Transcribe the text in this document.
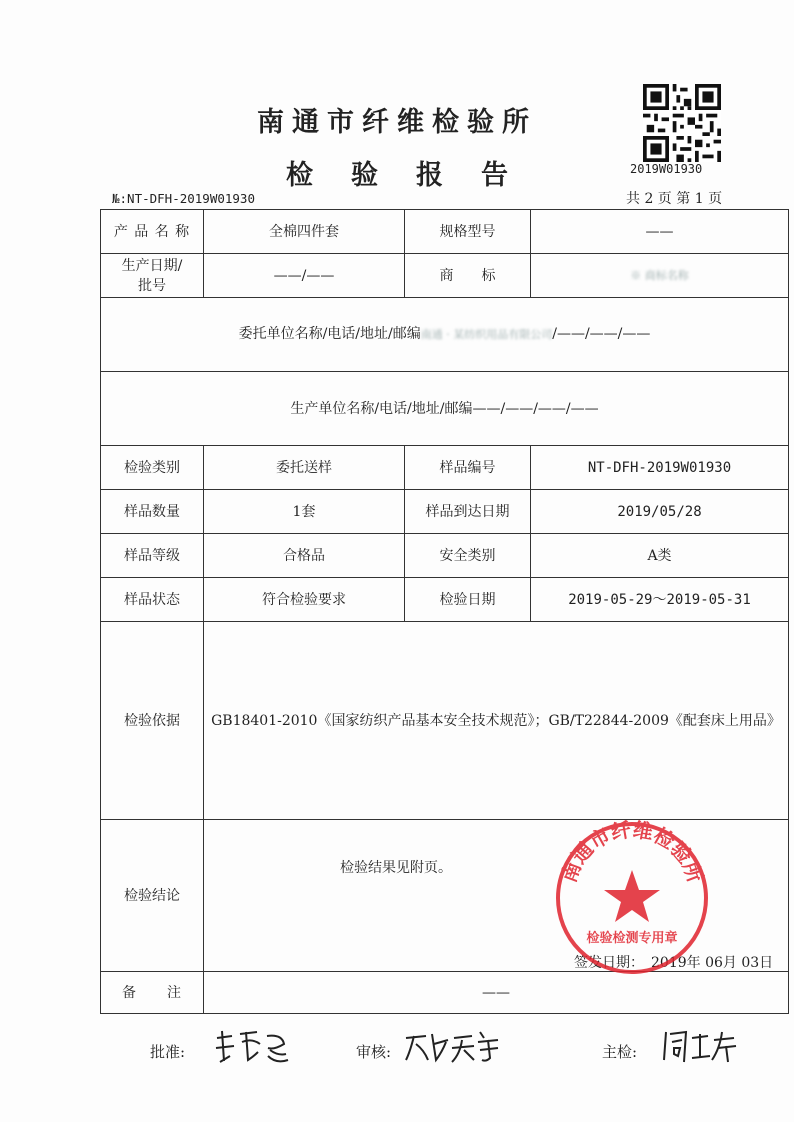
南通市纤维检验所
检验报告	2019W01930
№:NT-DFH-2019W01930	共 2 页 第 1 页
产 品 名 称	全棉四件套	规格型号	——
生产日期/
批号	——/——	商　　标	※ 商标名称
委托单位名称/电话/地址/邮编南通 · 某纺织用品有限公司/——/——/——			
生产单位名称/电话/地址/邮编——/——/——/——			
检验类别	委托送样	样品编号	NT-DFH-2019W01930
样品数量	1套	样品到达日期	2019/05/28
样品等级	合格品	安全类别	A类
样品状态	符合检验要求	检验日期	2019-05-29～2019-05-31
检验依据	GB18401-2010《国家纺织产品基本安全技术规范》；GB/T22844-2009《配套床上用品》		
检验结论	检验结果见附页。
签发日期：　2019年 06月 03日		

备　　注	——		
南通市纤维检验所
检验检测专用章
批准:	审核:	主检:
